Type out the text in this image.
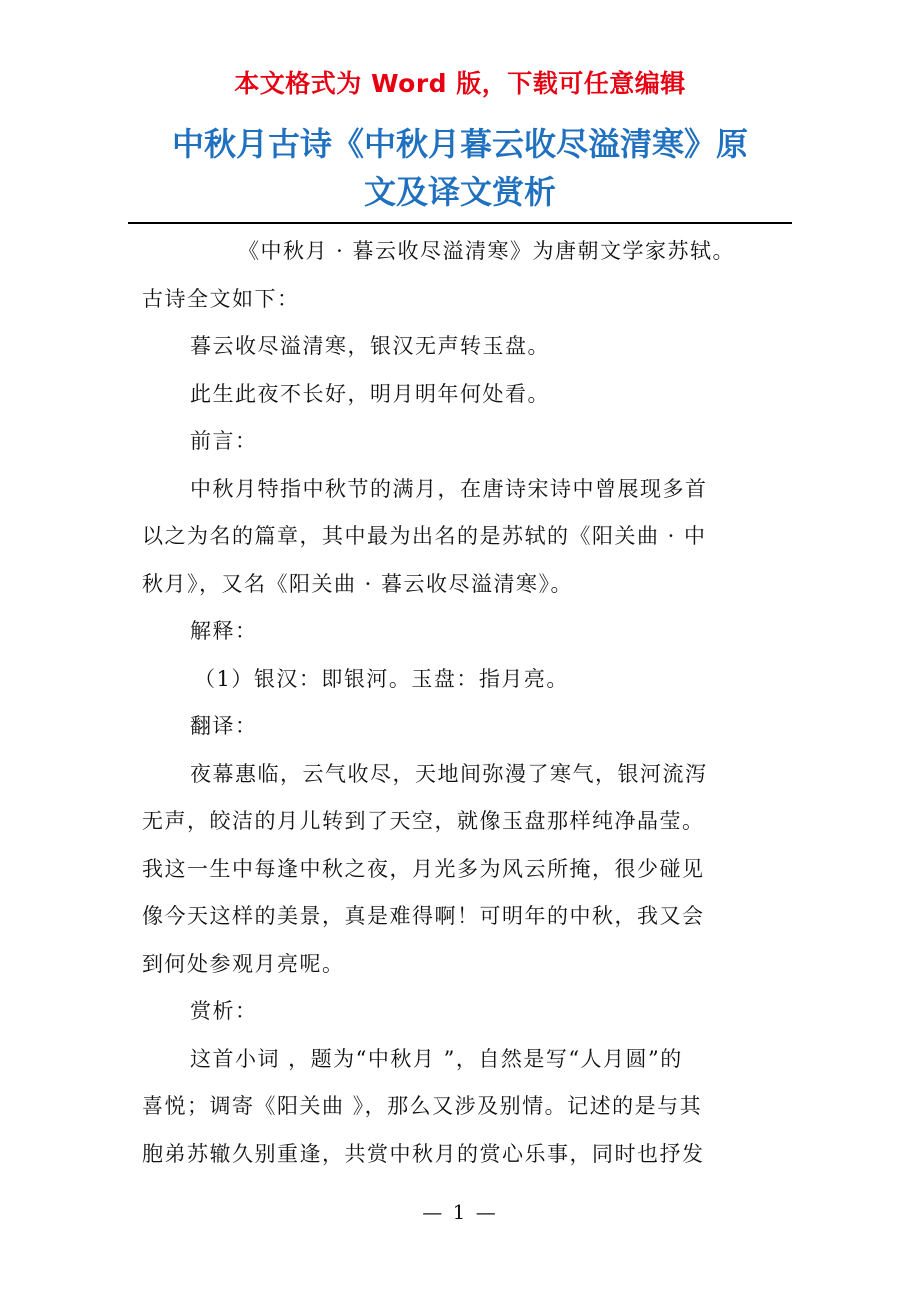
本文格式为 Word 版，下载可任意编辑
中秋月古诗《中秋月暮云收尽溢清寒》原
文及译文赏析
《中秋月 · 暮云收尽溢清寒》为唐朝文学家苏轼。
古诗全文如下：
暮云收尽溢清寒，银汉无声转玉盘。
此生此夜不长好，明月明年何处看。
前言：
中秋月特指中秋节的满月，在唐诗宋诗中曾展现多首
以之为名的篇章，其中最为出名的是苏轼的《阳关曲 · 中
秋月》，又名《阳关曲 · 暮云收尽溢清寒》。
解释：
（1）银汉：即银河。玉盘：指月亮。
翻译：
夜幕惠临，云气收尽，天地间弥漫了寒气，银河流泻
无声，皎洁的月儿转到了天空，就像玉盘那样纯净晶莹。
我这一生中每逢中秋之夜，月光多为风云所掩，很少碰见
像今天这样的美景，真是难得啊！可明年的中秋，我又会
到何处参观月亮呢。
赏析：
这首小词 ，题为“中秋月 ”，自然是写“人月圆”的
喜悦；调寄《阳关曲 》，那么又涉及别情。记述的是与其
胞弟苏辙久别重逢，共赏中秋月的赏心乐事，同时也抒发
— 1 —
